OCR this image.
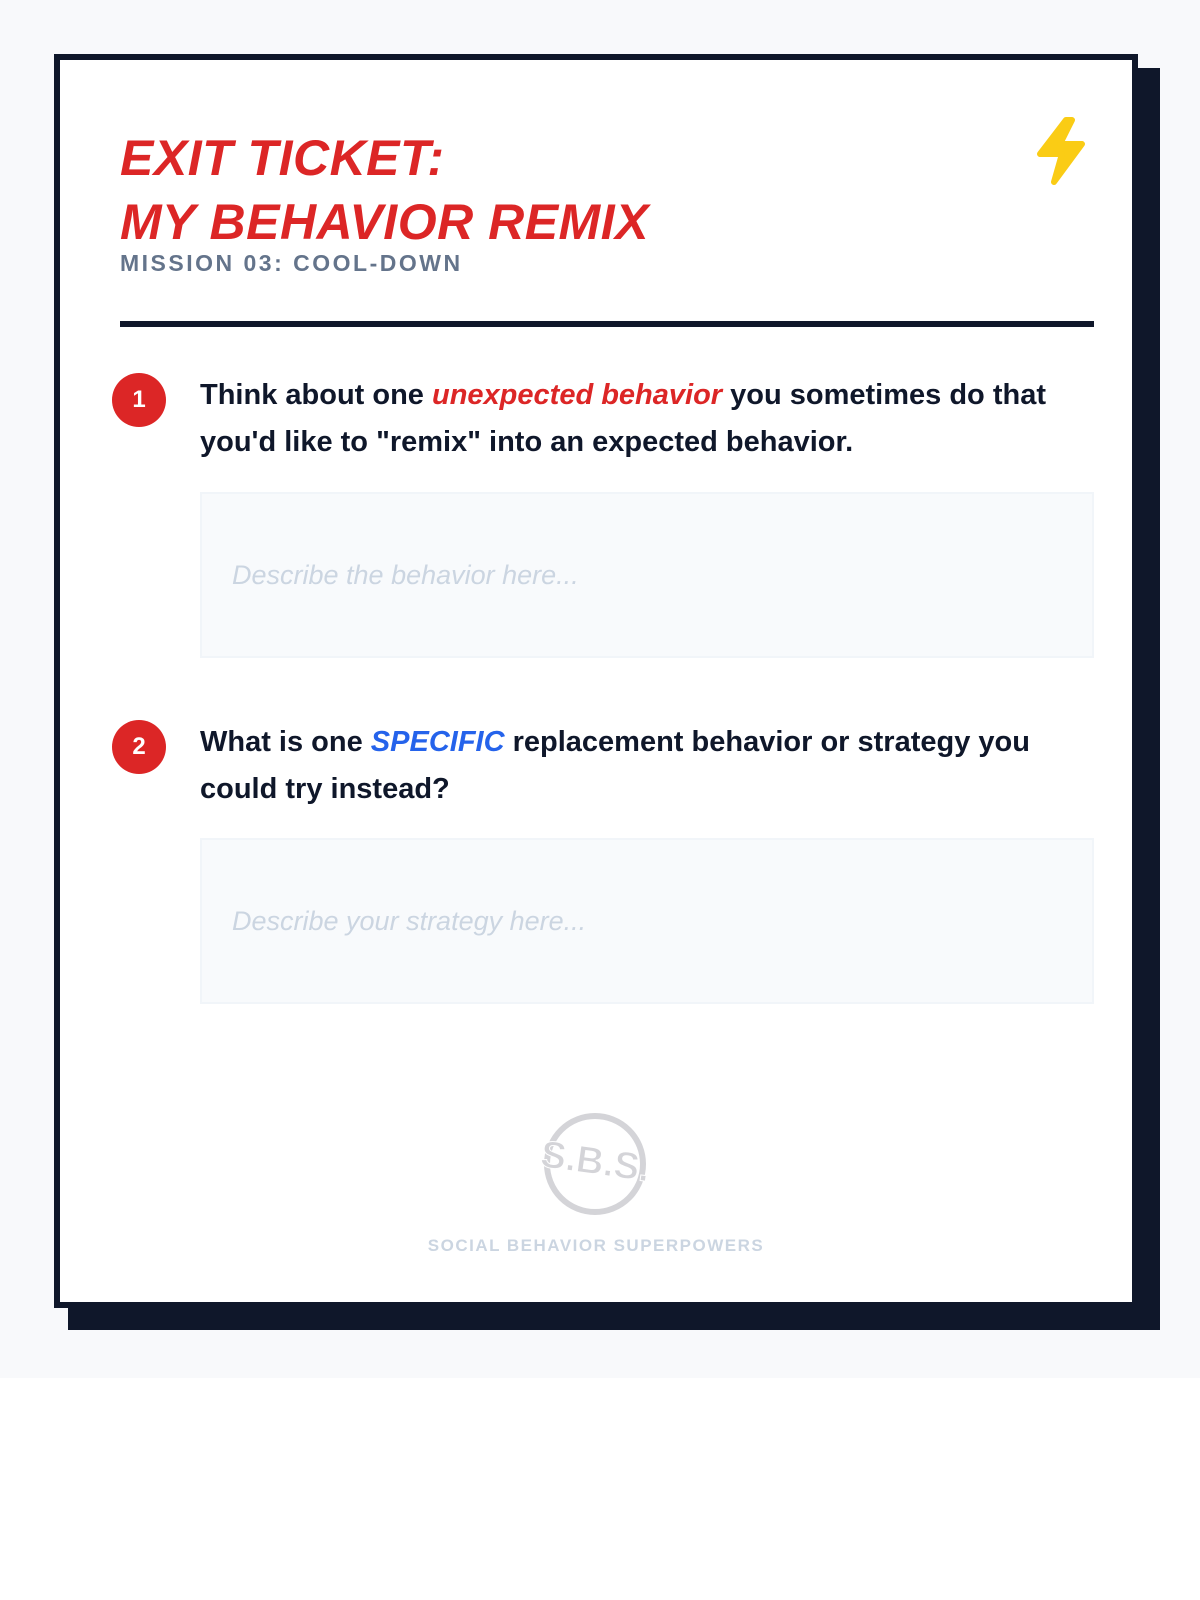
EXIT TICKET:
MY BEHAVIOR REMIX
MISSION 03: COOL-DOWN
1	Think about one unexpected behavior you sometimes do that you'd like to "remix" into an expected behavior.
Describe the behavior here...
2	What is one SPECIFIC replacement behavior or strategy you could try instead?
Describe your strategy here...
S.B.S.
SOCIAL BEHAVIOR SUPERPOWERS
